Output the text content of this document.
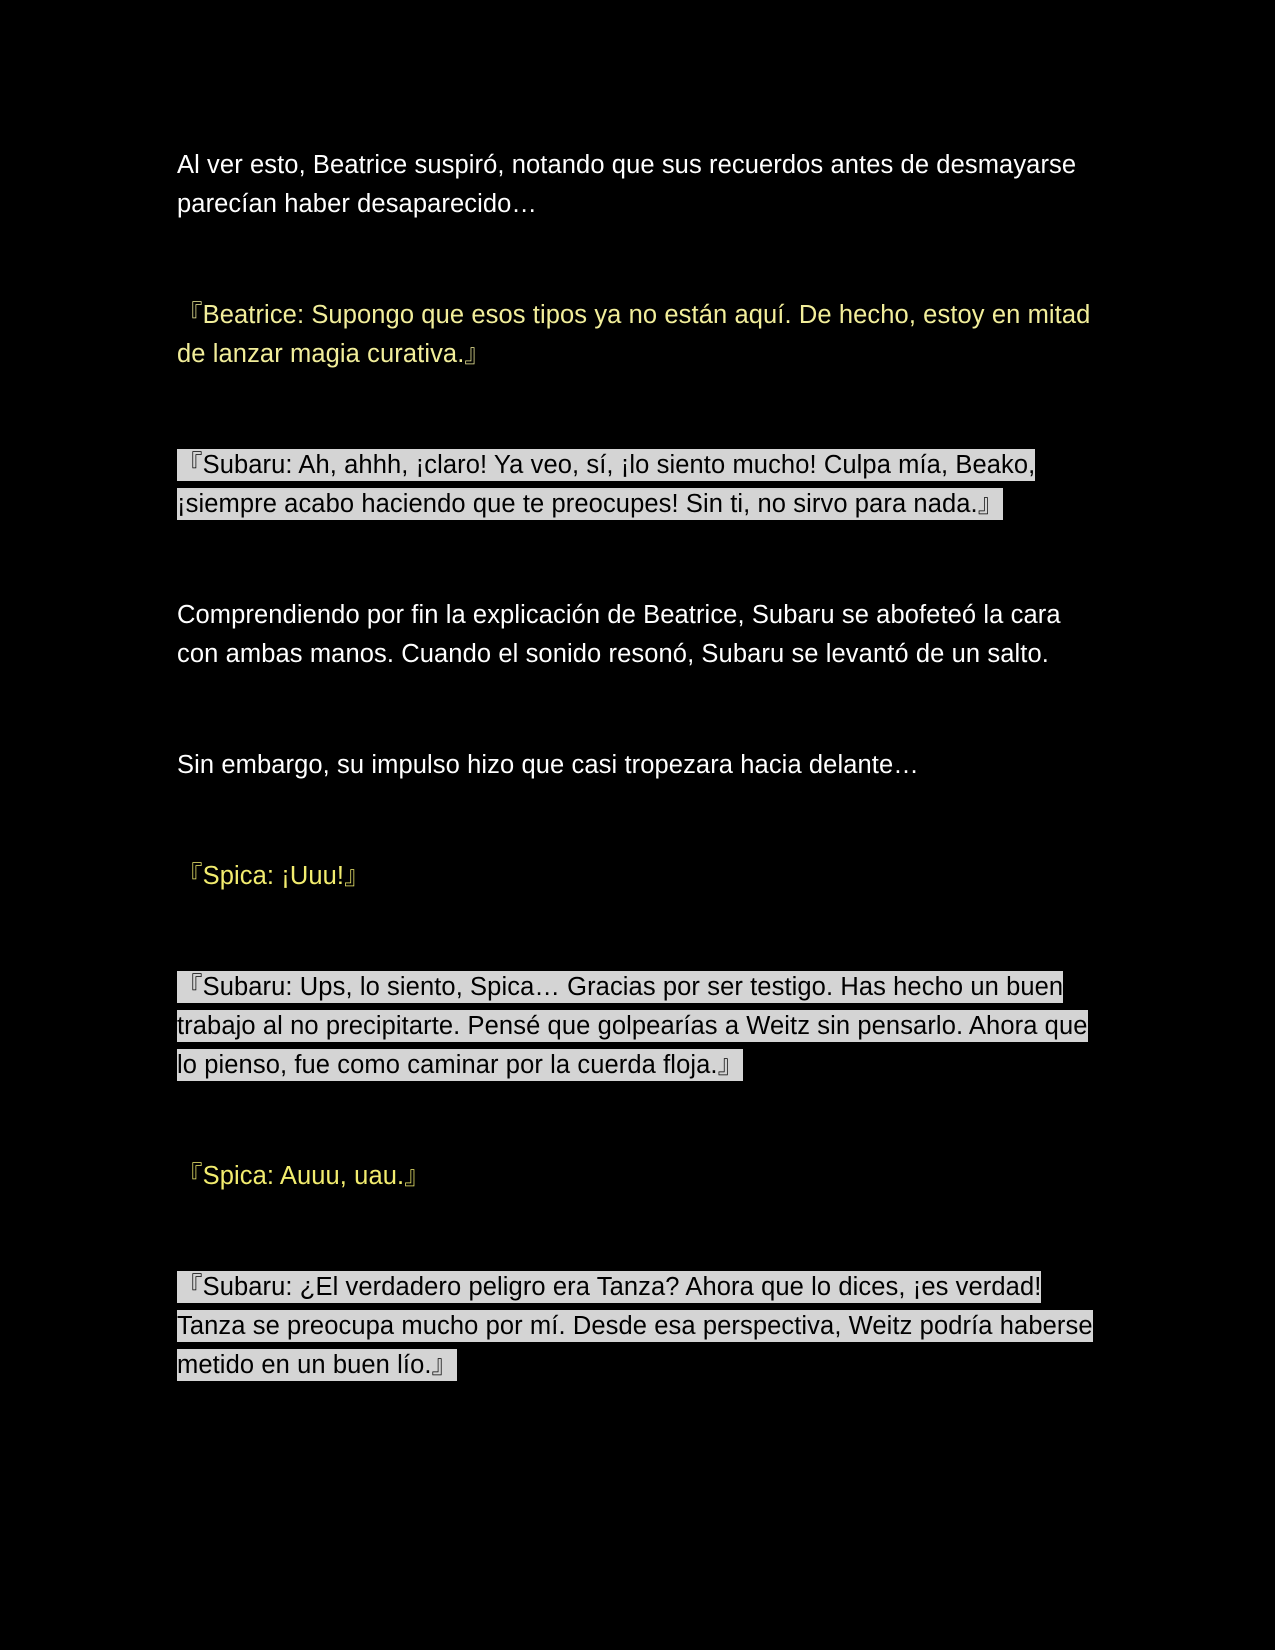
Al ver esto, Beatrice suspiró, notando que sus recuerdos antes de desmayarse parecían haber desaparecido…

『Beatrice: Supongo que esos tipos ya no están aquí. De hecho, estoy en mitad de lanzar magia curativa.』

『Subaru: Ah, ahhh, ¡claro! Ya veo, sí, ¡lo siento mucho! Culpa mía, Beako, ¡siempre acabo haciendo que te preocupes! Sin ti, no sirvo para nada.』

Comprendiendo por fin la explicación de Beatrice, Subaru se abofeteó la cara con ambas manos. Cuando el sonido resonó, Subaru se levantó de un salto.

Sin embargo, su impulso hizo que casi tropezara hacia delante…

『Spica: ¡Uuu!』

『Subaru: Ups, lo siento, Spica… Gracias por ser testigo. Has hecho un buen trabajo al no precipitarte. Pensé que golpearías a Weitz sin pensarlo. Ahora que lo pienso, fue como caminar por la cuerda floja.』

『Spica: Auuu, uau.』

『Subaru: ¿El verdadero peligro era Tanza? Ahora que lo dices, ¡es verdad! Tanza se preocupa mucho por mí. Desde esa perspectiva, Weitz podría haberse metido en un buen lío.』
